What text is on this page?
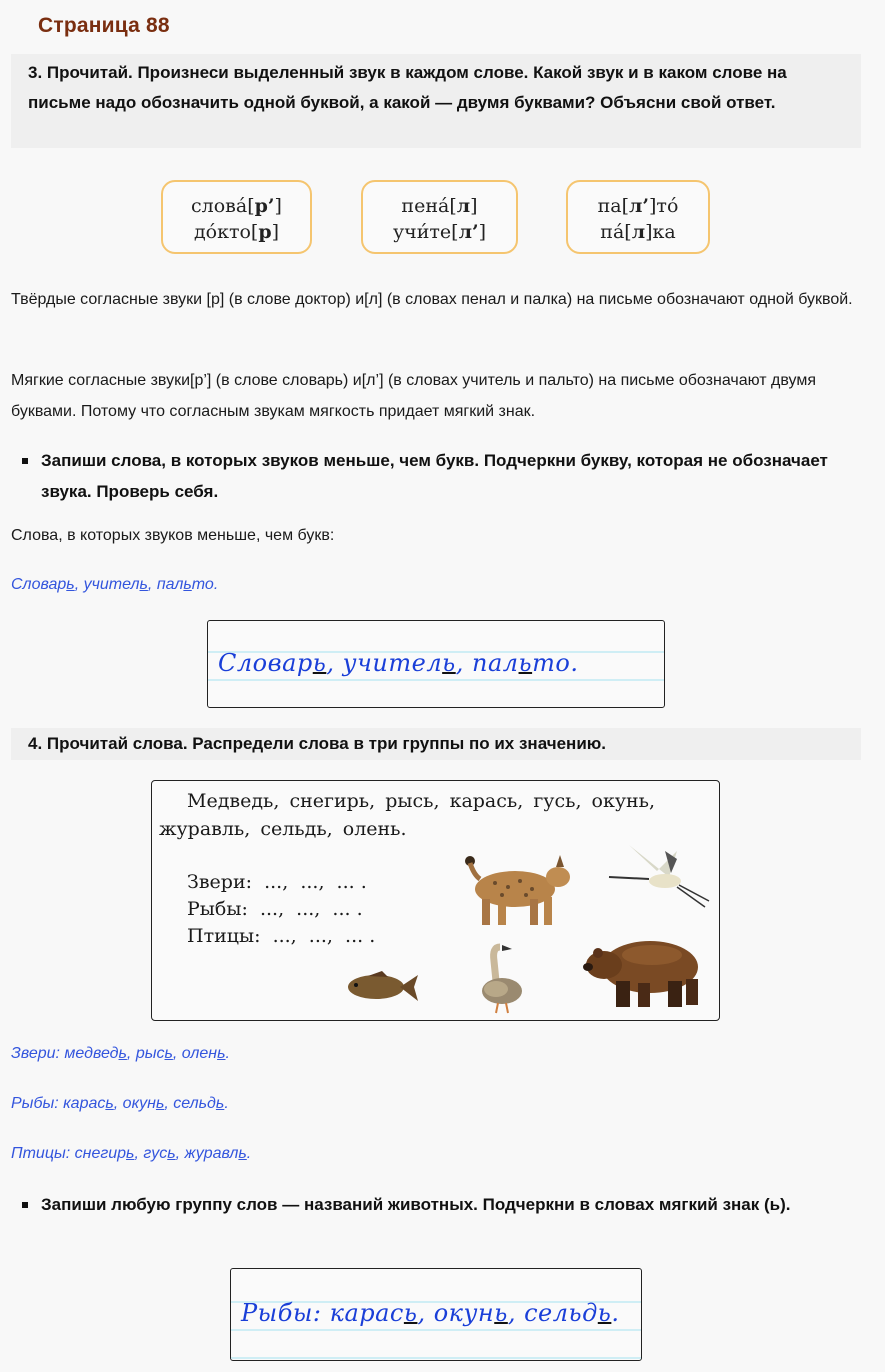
Страница 88
3. Прочитай. Произнеси выделенный звук в каждом слове. Какой звук и в каком слове на письме надо обозначить одной буквой, а какой — двумя буквами? Объясни свой ответ.
слова́[р’]
до́кто[р]
пена́[л]
учи́те[л’]
па[л’]то́
па́[л]ка
Твёрдые согласные звуки [р] (в слове доктор) и[л] (в словах пенал и палка) на письме обозначают одной буквой.
Мягкие согласные звуки[р’] (в слове словарь) и[л’] (в словах учитель и пальто) на письме обозначают двумя буквами. Потому что согласным звукам мягкость придает мягкий знак.
Запиши слова, в которых звуков меньше, чем букв. Подчеркни букву, которая не обозначает звука. Проверь себя.
Слова, в которых звуков меньше, чем букв:
Словарь, учитель, пальто.
Словарь, учитель, пальто.
4. Прочитай слова. Распредели слова в три группы по их значению.
Медведь, снегирь, рысь, карась, гусь, окунь, журавль, сельдь, олень.
Звери:  ...,  ...,  ... .
Рыбы:  ...,  ...,  ... .
Птицы:  ...,  ...,  ... .
Звери: медведь, рысь, олень.
Рыбы: карась, окунь, сельдь.
Птицы: снегирь, гусь, журавль.
Запиши любую группу слов — названий животных. Подчеркни в словах мягкий знак (ь).
Рыбы: карась, окунь, сельдь.
